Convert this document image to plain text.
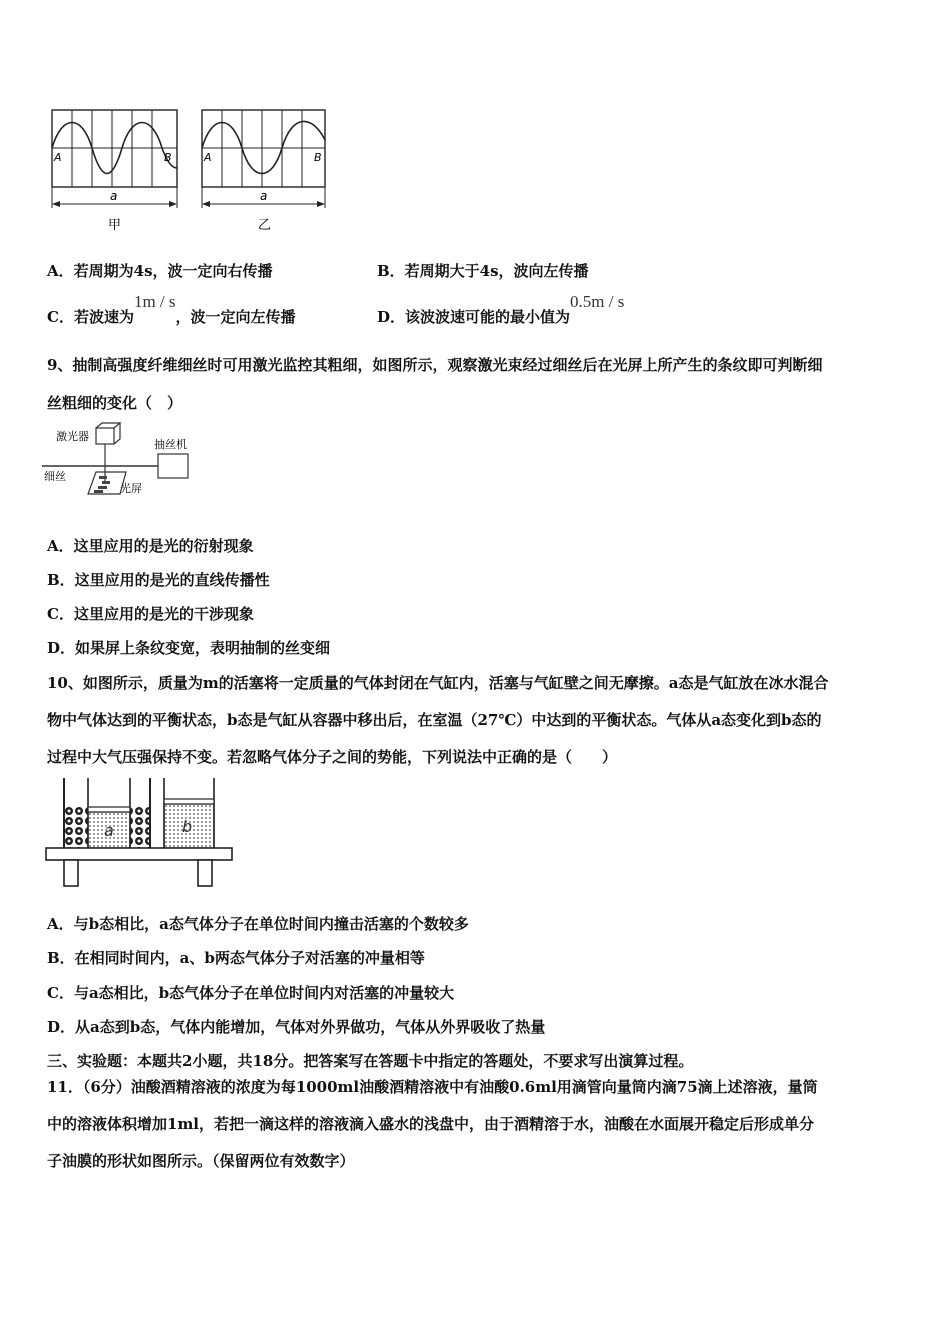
A	B
a
甲
A	B
a
乙
A．若周期为4s，波一定向右传播	B．若周期大于4s，波向左传播
C．若波速为1m / s，波一定向左传播	D．该波波速可能的最小值为0.5m / s
9、抽制高强度纤维细丝时可用激光监控其粗细，如图所示，观察激光束经过细丝后在光屏上所产生的条纹即可判断细
丝粗细的变化（　）
激光器
抽丝机
细丝
光屏
A．这里应用的是光的衍射现象
B．这里应用的是光的直线传播性
C．这里应用的是光的干涉现象
D．如果屏上条纹变宽，表明抽制的丝变细
10、如图所示，质量为m的活塞将一定质量的气体封闭在气缸内，活塞与气缸壁之间无摩擦。a态是气缸放在冰水混合
物中气体达到的平衡状态，b态是气缸从容器中移出后，在室温（27℃）中达到的平衡状态。气体从a态变化到b态的
过程中大气压强保持不变。若忽略气体分子之间的势能，下列说法中正确的是（　　）
a	b
A．与b态相比，a态气体分子在单位时间内撞击活塞的个数较多
B．在相同时间内，a、b两态气体分子对活塞的冲量相等
C．与a态相比，b态气体分子在单位时间内对活塞的冲量较大
D．从a态到b态，气体内能增加，气体对外界做功，气体从外界吸收了热量
三、实验题：本题共2小题，共18分。把答案写在答题卡中指定的答题处，不要求写出演算过程。
11．（6分）油酸酒精溶液的浓度为每1000ml油酸酒精溶液中有油酸0.6ml用滴管向量筒内滴75滴上述溶液，量筒
中的溶液体积增加1ml，若把一滴这样的溶液滴入盛水的浅盘中，由于酒精溶于水，油酸在水面展开稳定后形成单分
子油膜的形状如图所示。（保留两位有效数字）
